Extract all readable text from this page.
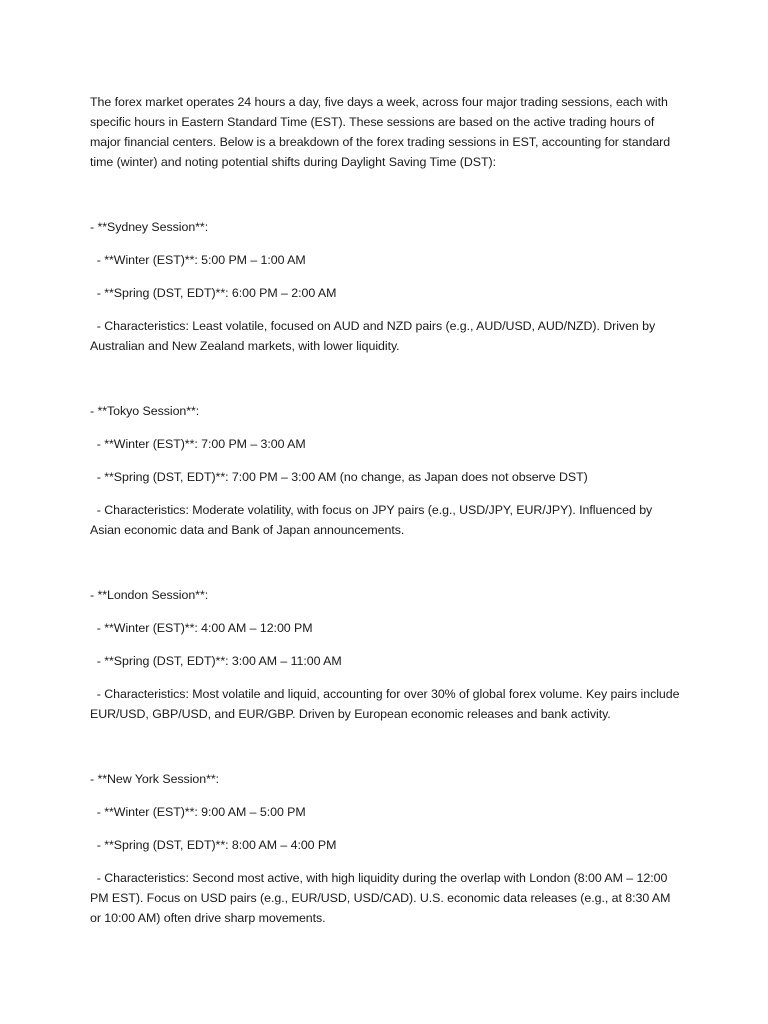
The forex market operates 24 hours a day, five days a week, across four major trading sessions, each with specific hours in Eastern Standard Time (EST). These sessions are based on the active trading hours of major financial centers. Below is a breakdown of the forex trading sessions in EST, accounting for standard time (winter) and noting potential shifts during Daylight Saving Time (DST):

- **Sydney Session**:

- **Winter (EST)**: 5:00 PM – 1:00 AM

- **Spring (DST, EDT)**: 6:00 PM – 2:00 AM

- Characteristics: Least volatile, focused on AUD and NZD pairs (e.g., AUD/USD, AUD/NZD). Driven by Australian and New Zealand markets, with lower liquidity.

- **Tokyo Session**:

- **Winter (EST)**: 7:00 PM – 3:00 AM

- **Spring (DST, EDT)**: 7:00 PM – 3:00 AM (no change, as Japan does not observe DST)

- Characteristics: Moderate volatility, with focus on JPY pairs (e.g., USD/JPY, EUR/JPY). Influenced by Asian economic data and Bank of Japan announcements.

- **London Session**:

- **Winter (EST)**: 4:00 AM – 12:00 PM

- **Spring (DST, EDT)**: 3:00 AM – 11:00 AM

- Characteristics: Most volatile and liquid, accounting for over 30% of global forex volume. Key pairs include EUR/USD, GBP/USD, and EUR/GBP. Driven by European economic releases and bank activity.

- **New York Session**:

- **Winter (EST)**: 9:00 AM – 5:00 PM

- **Spring (DST, EDT)**: 8:00 AM – 4:00 PM

- Characteristics: Second most active, with high liquidity during the overlap with London (8:00 AM – 12:00 PM EST). Focus on USD pairs (e.g., EUR/USD, USD/CAD). U.S. economic data releases (e.g., at 8:30 AM or 10:00 AM) often drive sharp movements.
